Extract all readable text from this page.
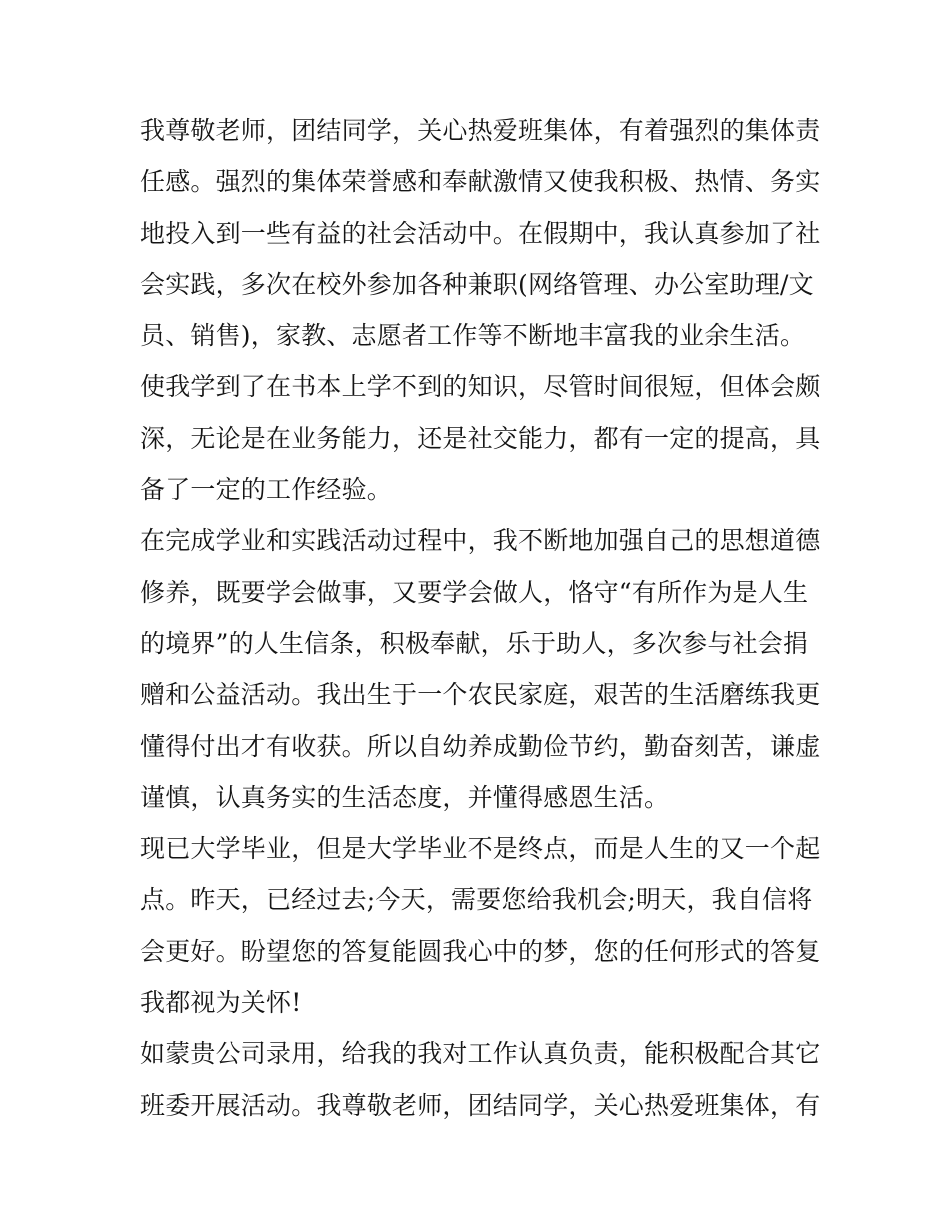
我尊敬老师，团结同学，关心热爱班集体，有着强烈的集体责
任感。强烈的集体荣誉感和奉献激情又使我积极、热情、务实
地投入到一些有益的社会活动中。在假期中，我认真参加了社
会实践，多次在校外参加各种兼职(网络管理、办公室助理/文
员、销售)，家教、志愿者工作等不断地丰富我的业余生活。
使我学到了在书本上学不到的知识，尽管时间很短，但体会颇
深，无论是在业务能力，还是社交能力，都有一定的提高，具
备了一定的工作经验。
在完成学业和实践活动过程中，我不断地加强自己的思想道德
修养，既要学会做事，又要学会做人，恪守“有所作为是人生
的境界”的人生信条，积极奉献，乐于助人，多次参与社会捐
赠和公益活动。我出生于一个农民家庭，艰苦的生活磨练我更
懂得付出才有收获。所以自幼养成勤俭节约，勤奋刻苦，谦虚
谨慎，认真务实的生活态度，并懂得感恩生活。
现已大学毕业，但是大学毕业不是终点，而是人生的又一个起
点。昨天，已经过去;今天，需要您给我机会;明天，我自信将
会更好。盼望您的答复能圆我心中的梦，您的任何形式的答复
我都视为关怀!
如蒙贵公司录用，给我的我对工作认真负责，能积极配合其它
班委开展活动。我尊敬老师，团结同学，关心热爱班集体，有
